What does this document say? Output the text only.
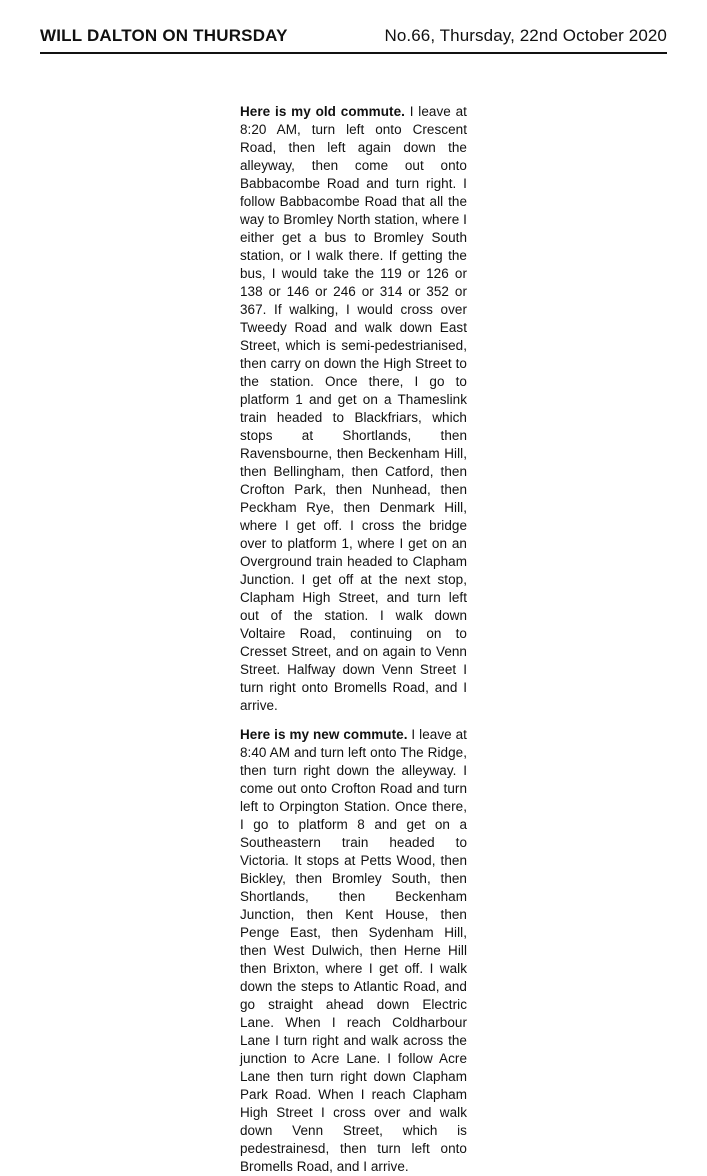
WILL DALTON ON THURSDAY	No.66, Thursday, 22nd October 2020

Here is my old commute. I leave at 8:20 AM, turn left onto Crescent Road, then left again down the alleyway, then come out onto Babbacombe Road and turn right. I follow Babbacombe Road that all the way to Bromley North station, where I either get a bus to Bromley South station, or I walk there. If getting the bus, I would take the 119 or 126 or 138 or 146 or 246 or 314 or 352 or 367. If walking, I would cross over Tweedy Road and walk down East Street, which is semi-pedestrianised, then carry on down the High Street to the station. Once there, I go to platform 1 and get on a Thameslink train headed to Blackfriars, which stops at Shortlands, then Ravensbourne, then Beckenham Hill, then Bellingham, then Catford, then Crofton Park, then Nunhead, then Peckham Rye, then Denmark Hill, where I get off. I cross the bridge over to platform 1, where I get on an Overground train headed to Clapham Junction. I get off at the next stop, Clapham High Street, and turn left out of the station. I walk down Voltaire Road, continuing on to Cresset Street, and on again to Venn Street. Halfway down Venn Street I turn right onto Bromells Road, and I arrive.

Here is my new commute. I leave at 8:40 AM and turn left onto The Ridge, then turn right down the alleyway. I come out onto Crofton Road and turn left to Orpington Station. Once there, I go to platform 8 and get on a Southeastern train headed to Victoria. It stops at Petts Wood, then Bickley, then Bromley South, then Shortlands, then Beckenham Junction, then Kent House, then Penge East, then Sydenham Hill, then West Dulwich, then Herne Hill then Brixton, where I get off. I walk down the steps to Atlantic Road, and go straight ahead down Electric Lane. When I reach Coldharbour Lane I turn right and walk across the junction to Acre Lane. I follow Acre Lane then turn right down Clapham Park Road. When I reach Clapham High Street I cross over and walk down Venn Street, which is pedestrainesd, then turn left onto Bromells Road, and I arrive.
